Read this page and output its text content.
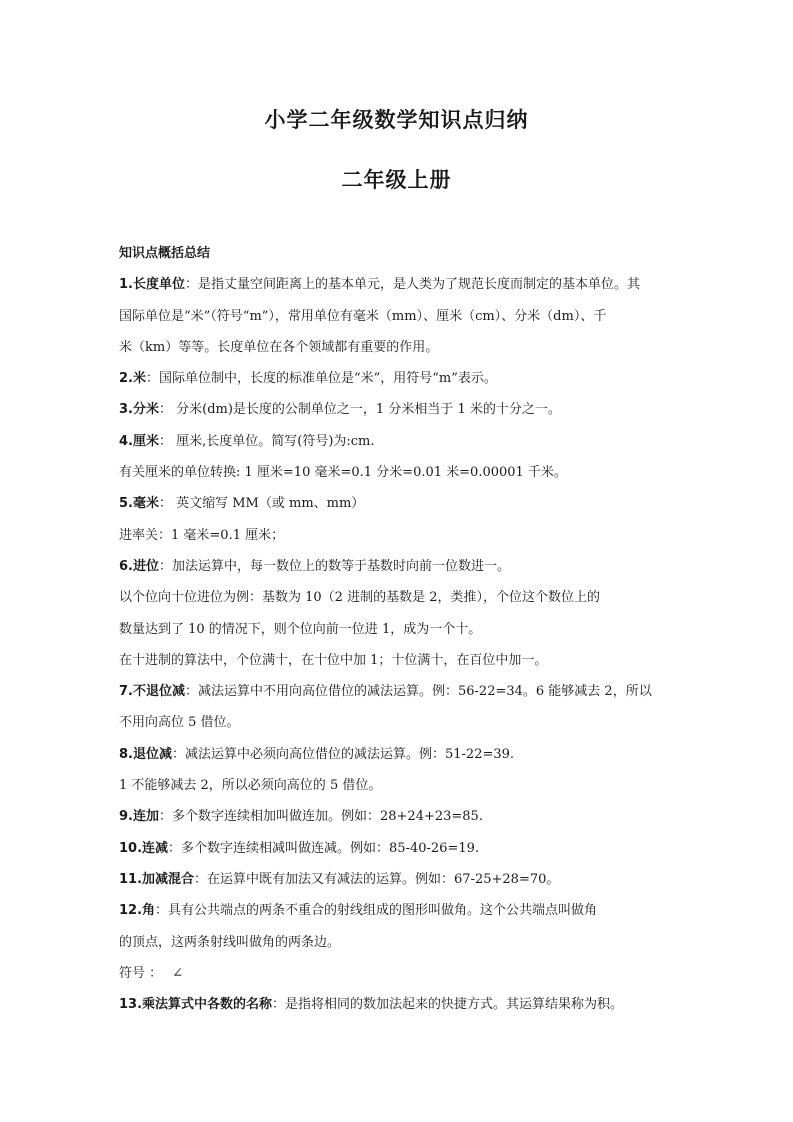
小学二年级数学知识点归纳
二年级上册
知识点概括总结
1.长度单位：是指丈量空间距离上的基本单元，是人类为了规范长度而制定的基本单位。其
国际单位是“米”（符号“m”），常用单位有毫米（mm）、厘米（cm）、分米（dm）、千
米（km）等等。长度单位在各个领域都有重要的作用。
2.米：国际单位制中，长度的标准单位是“米”，用符号“m”表示。
3.分米： 分米(dm)是长度的公制单位之一，1 分米相当于 1 米的十分之一。
4.厘米： 厘米,长度单位。简写(符号)为:cm.
有关厘米的单位转换: 1 厘米=10 毫米=0.1 分米=0.01 米=0.00001 千米。
5.毫米： 英文缩写 MM（或 mm、mm）
进率关：1 毫米=0.1 厘米；
6.进位：加法运算中，每一数位上的数等于基数时向前一位数进一。
以个位向十位进位为例：基数为 10（2 进制的基数是 2，类推），个位这个数位上的
数量达到了 10 的情况下，则个位向前一位进 1，成为一个十。
在十进制的算法中，个位满十，在十位中加 1；十位满十，在百位中加一。
7.不退位减：减法运算中不用向高位借位的减法运算。例：56-22=34。6 能够减去 2，所以
不用向高位 5 借位。
8.退位减：减法运算中必须向高位借位的减法运算。例：51-22=39.
1 不能够减去 2，所以必须向高位的 5 借位。
9.连加：多个数字连续相加叫做连加。例如：28+24+23=85.
10.连减：多个数字连续相减叫做连减。例如：85-40-26=19.
11.加减混合：在运算中既有加法又有减法的运算。例如：67-25+28=70。
12.角：具有公共端点的两条不重合的射线组成的图形叫做角。这个公共端点叫做角
的顶点，这两条射线叫做角的两条边。
符号 ： ∠
13.乘法算式中各数的名称：是指将相同的数加法起来的快捷方式。其运算结果称为积。
